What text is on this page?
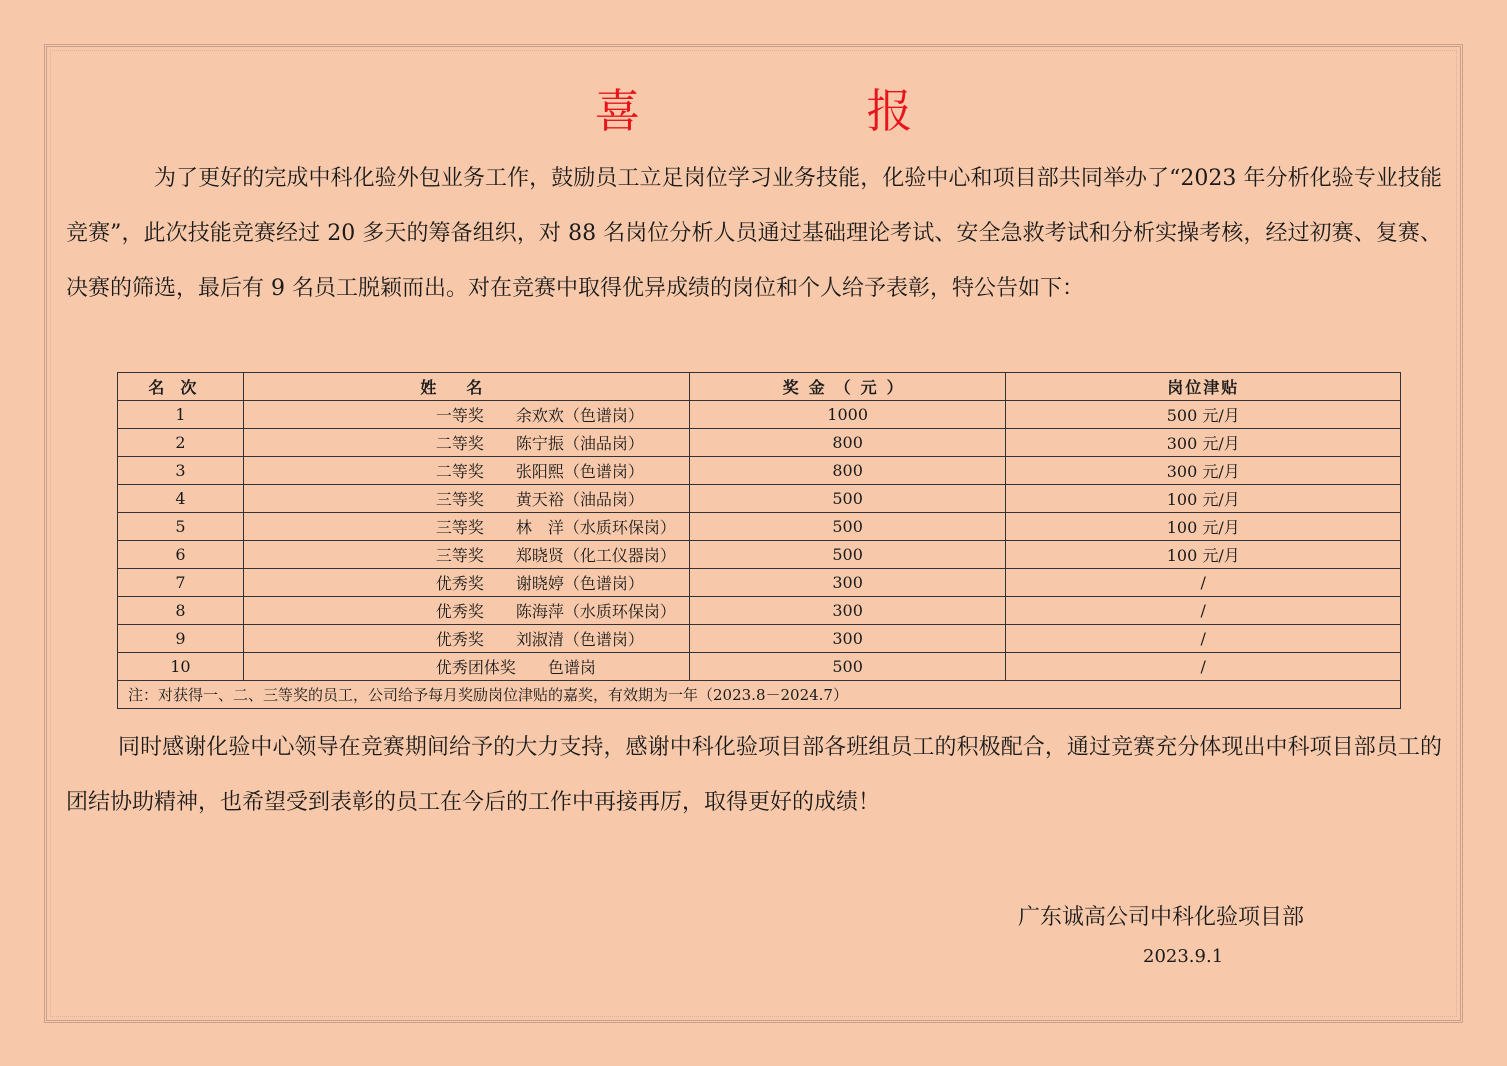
喜　报
为了更好的完成中科化验外包业务工作，鼓励员工立足岗位学习业务技能，化验中心和项目部共同举办了“2023 年分析化验专业技能竞赛”，此次技能竞赛经过 20 多天的筹备组织，对 88 名岗位分析人员通过基础理论考试、安全急救考试和分析实操考核，经过初赛、复赛、决赛的筛选，最后有 9 名员工脱颖而出。对在竞赛中取得优异成绩的岗位和个人给予表彰，特公告如下：
名次	姓名	奖金（元）	岗位津贴
1	一等奖　　余欢欢（色谱岗）	1000	500 元/月
2	二等奖　　陈宁振（油品岗）	800	300 元/月
3	二等奖　　张阳熙（色谱岗）	800	300 元/月
4	三等奖　　黄天裕（油品岗）	500	100 元/月
5	三等奖　　林　洋（水质环保岗）	500	100 元/月
6	三等奖　　郑晓贤（化工仪器岗）	500	100 元/月
7	优秀奖　　谢晓婷（色谱岗）	300	/
8	优秀奖　　陈海萍（水质环保岗）	300	/
9	优秀奖　　刘淑清（色谱岗）	300	/
10	优秀团体奖　　色谱岗	500	/
注：对获得一、二、三等奖的员工，公司给予每月奖励岗位津贴的嘉奖，有效期为一年（2023.8－2024.7）			
同时感谢化验中心领导在竞赛期间给予的大力支持，感谢中科化验项目部各班组员工的积极配合，通过竞赛充分体现出中科项目部员工的团结协助精神，也希望受到表彰的员工在今后的工作中再接再厉，取得更好的成绩！
广东诚高公司中科化验项目部
2023.9.1
